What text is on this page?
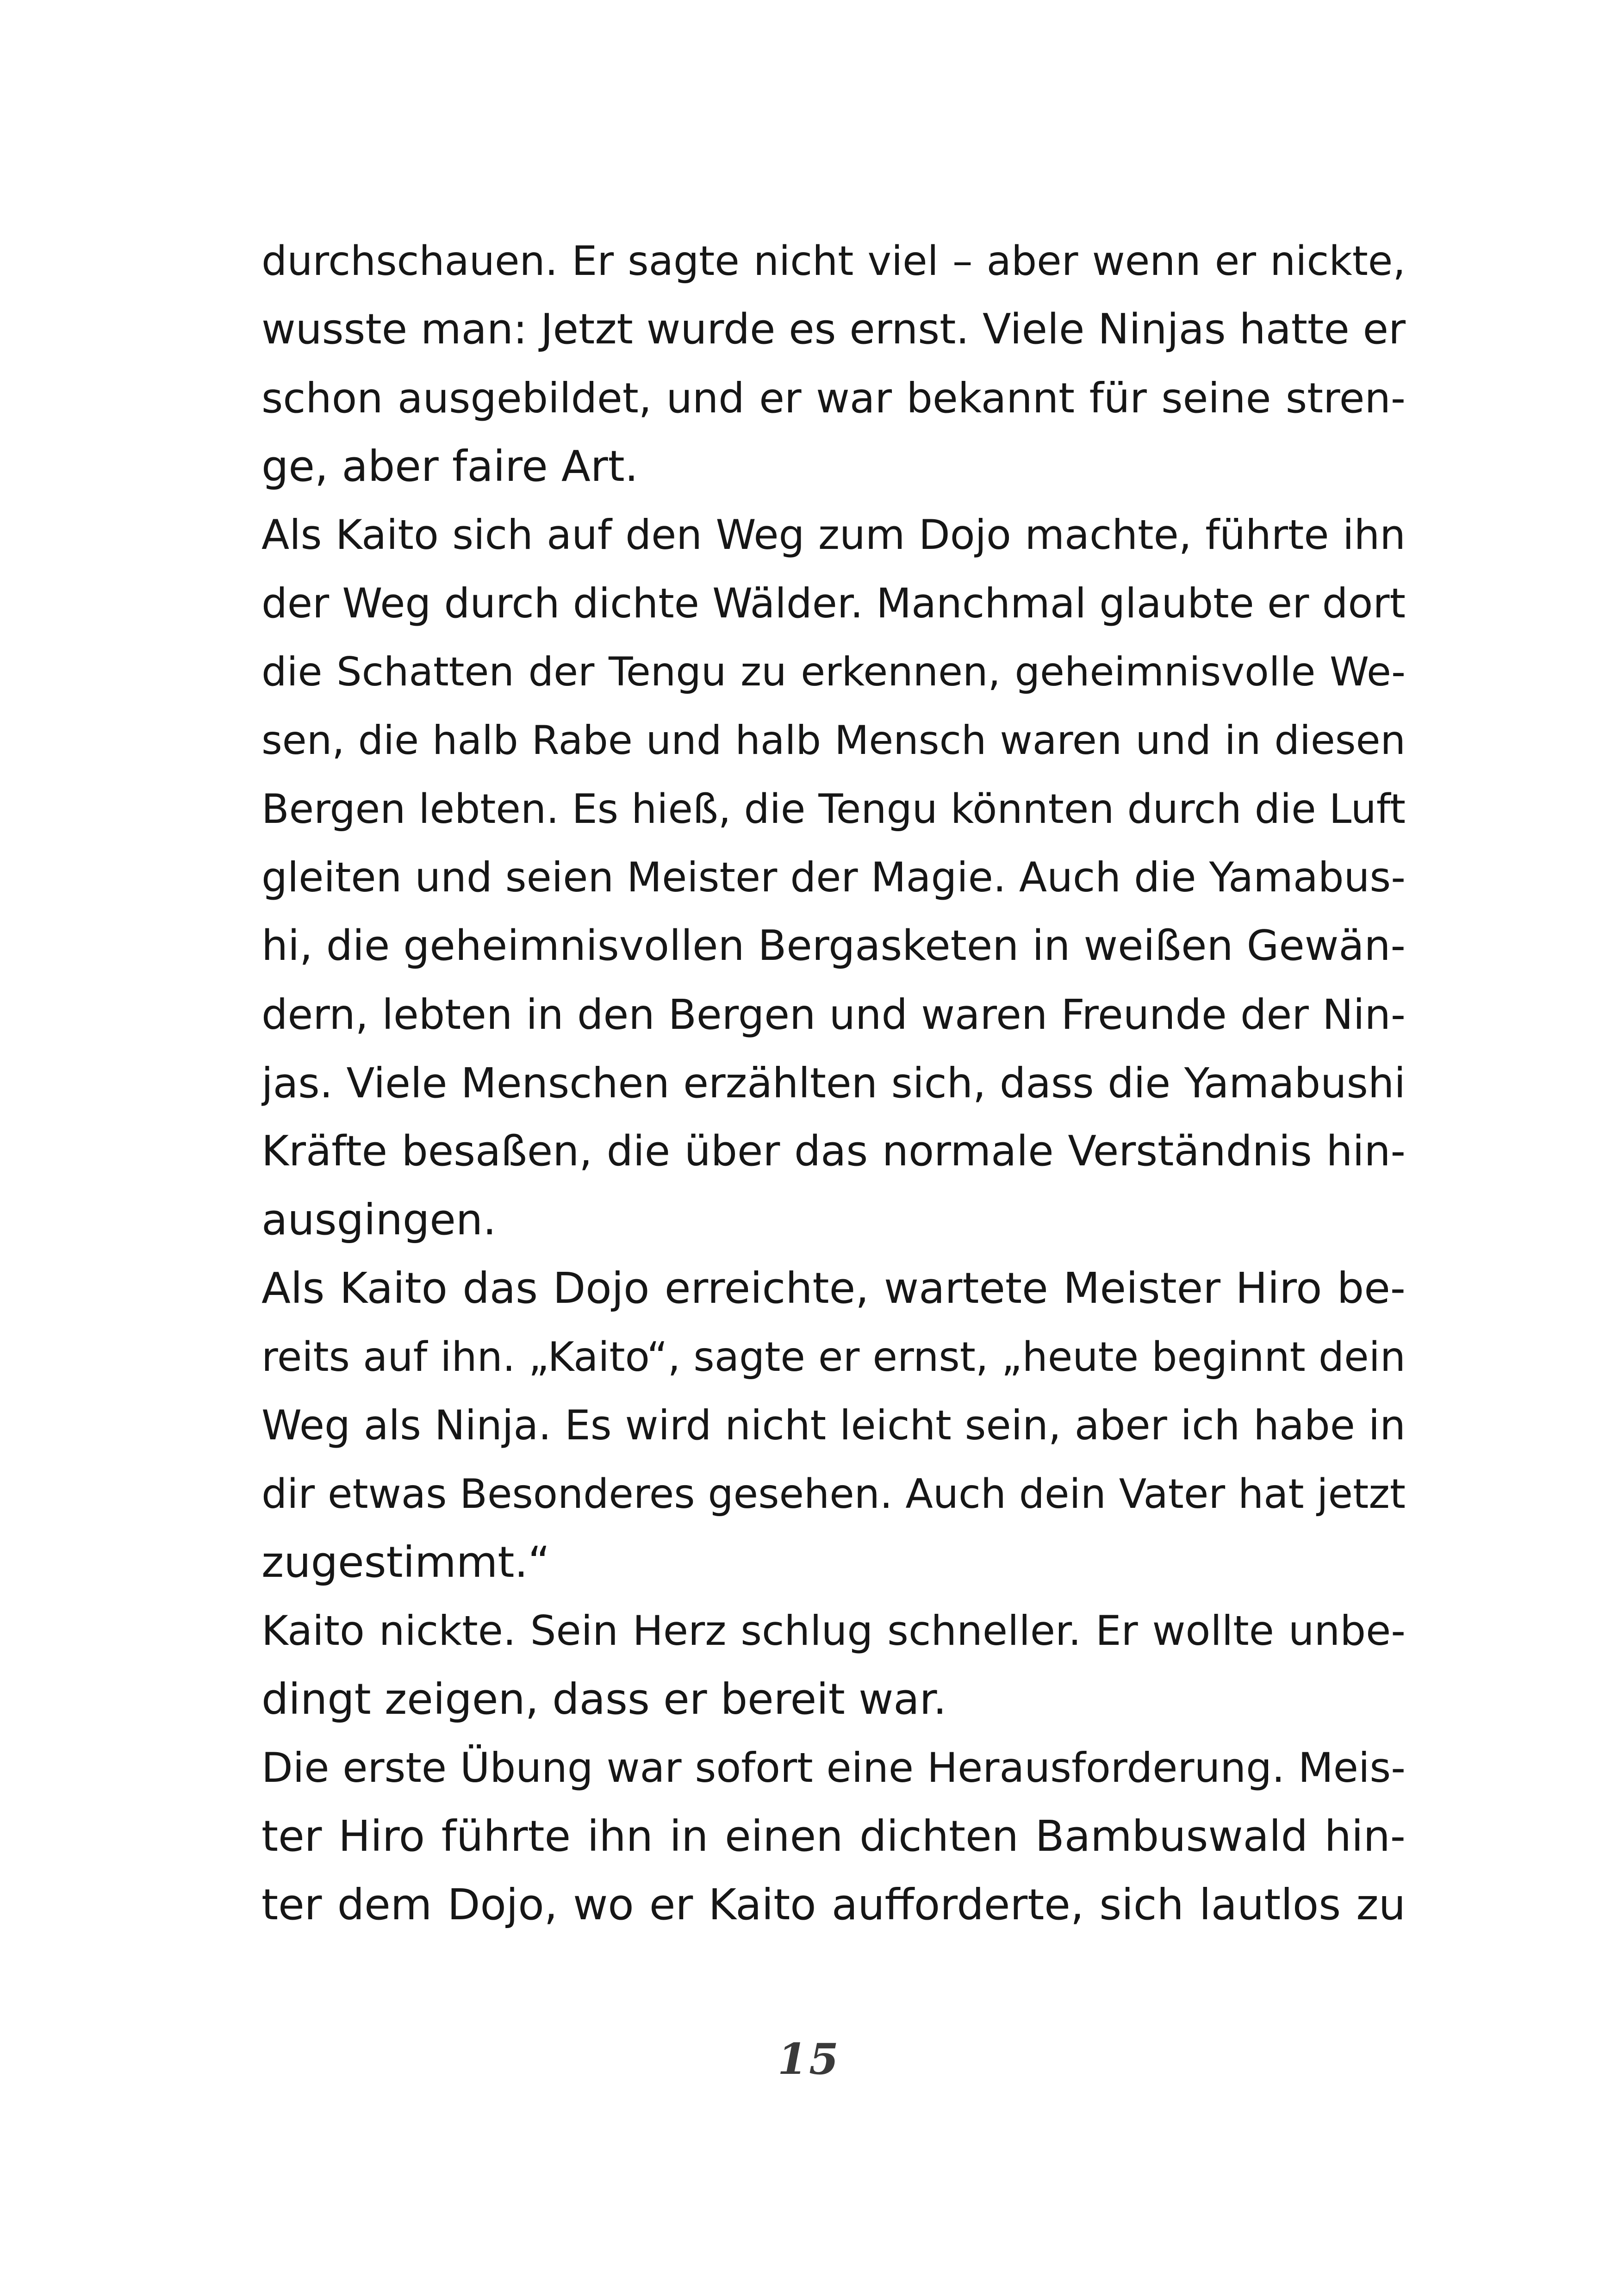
durchschauen. Er sagte nicht viel – aber wenn er nickte,
wusste man: Jetzt wurde es ernst. Viele Ninjas hatte er
schon ausgebildet, und er war bekannt für seine stren-
ge, aber faire Art.
Als Kaito sich auf den Weg zum Dojo machte, führte ihn
der Weg durch dichte Wälder. Manchmal glaubte er dort
die Schatten der Tengu zu erkennen, geheimnisvolle We-
sen, die halb Rabe und halb Mensch waren und in diesen
Bergen lebten. Es hieß, die Tengu könnten durch die Luft
gleiten und seien Meister der Magie. Auch die Yamabus-
hi, die geheimnisvollen Bergasketen in weißen Gewän-
dern, lebten in den Bergen und waren Freunde der Nin-
jas. Viele Menschen erzählten sich, dass die Yamabushi
Kräfte besaßen, die über das normale Verständnis hin-
ausgingen.
Als Kaito das Dojo erreichte, wartete Meister Hiro be-
reits auf ihn. „Kaito“, sagte er ernst, „heute beginnt dein
Weg als Ninja. Es wird nicht leicht sein, aber ich habe in
dir etwas Besonderes gesehen. Auch dein Vater hat jetzt
zugestimmt.“
Kaito nickte. Sein Herz schlug schneller. Er wollte unbe-
dingt zeigen, dass er bereit war.
Die erste Übung war sofort eine Herausforderung. Meis-
ter Hiro führte ihn in einen dichten Bambuswald hin-
ter dem Dojo, wo er Kaito aufforderte, sich lautlos zu
15
